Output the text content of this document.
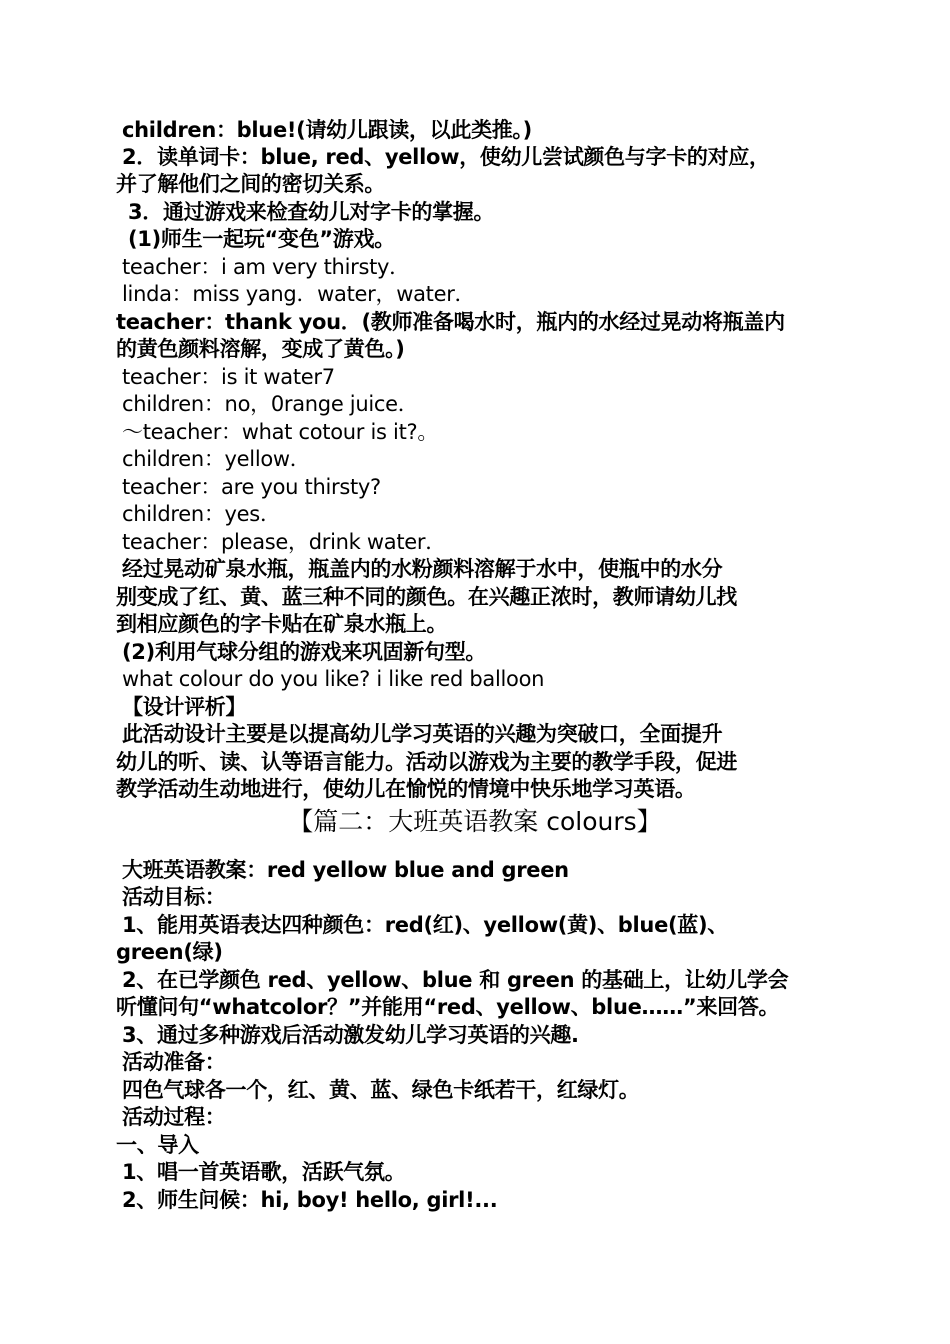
children：blue!(请幼儿跟读，以此类推。)
2．读单词卡：blue, red、yellow，使幼儿尝试颜色与字卡的对应，
并了解他们之间的密切关系。
3．通过游戏来检查幼儿对字卡的掌握。
(1)师生一起玩“变色”游戏。
teacher：i am very thirsty．
linda：miss yang．water，water．
teacher：thank you．(教师准备喝水时，瓶内的水经过晃动将瓶盖内
的黄色颜料溶解，变成了黄色。)
teacher：is it water7
children：no，0range juice．
～teacher：what cotour is it?。
children：yellow．
teacher：are you thirsty?
children：yes．
teacher：please，drink water．
经过晃动矿泉水瓶，瓶盖内的水粉颜料溶解于水中，使瓶中的水分
别变成了红、黄、蓝三种不同的颜色。在兴趣正浓时，教师请幼儿找
到相应颜色的字卡贴在矿泉水瓶上。
(2)利用气球分组的游戏来巩固新句型。
what colour do you like? i like red balloon
【设计评析】
此活动设计主要是以提高幼儿学习英语的兴趣为突破口，全面提升
幼儿的听、读、认等语言能力。活动以游戏为主要的教学手段，促进
教学活动生动地进行，使幼儿在愉悦的情境中快乐地学习英语。
【篇二：大班英语教案 colours】
大班英语教案：red yellow blue and green
活动目标：
1、能用英语表达四种颜色：red(红)、yellow(黄)、blue(蓝)、
green(绿)
2、在已学颜色 red、yellow、blue 和 green 的基础上，让幼儿学会
听懂问句“whatcolor？”并能用“red、yellow、blue……”来回答。
3、通过多种游戏后活动激发幼儿学习英语的兴趣.
活动准备：
四色气球各一个，红、黄、蓝、绿色卡纸若干，红绿灯。
活动过程：
一、导入
1、唱一首英语歌，活跃气氛。
2、师生问候：hi, boy! hello, girl!...
